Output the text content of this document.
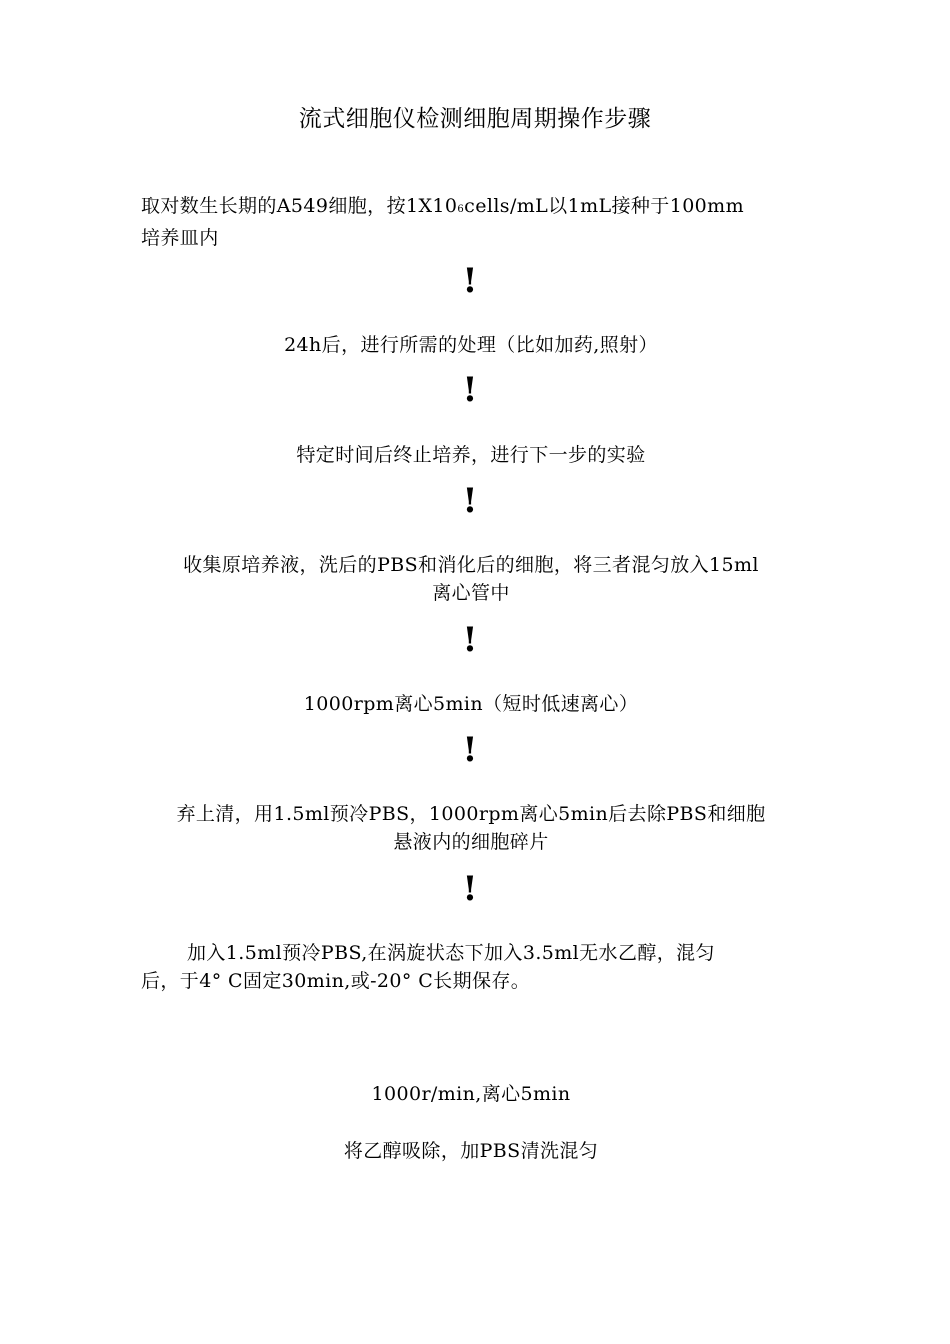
流式细胞仪检测细胞周期操作步骤
取对数生长期的A549细胞，按1X106cells/mL以1mL接种于100mm
培养皿内
!
24h后，进行所需的处理（比如加药,照射）
!
特定时间后终止培养，进行下一步的实验
!
收集原培养液，洗后的PBS和消化后的细胞，将三者混匀放入15ml
离心管中
!
1000rpm离心5min（短时低速离心）
!
弃上清，用1.5ml预冷PBS，1000rpm离心5min后去除PBS和细胞
悬液内的细胞碎片
!
加入1.5ml预冷PBS,在涡旋状态下加入3.5ml无水乙醇，混匀
后，于4° C固定30min,或-20° C长期保存。
1000r/min,离心5min
将乙醇吸除，加PBS清洗混匀
